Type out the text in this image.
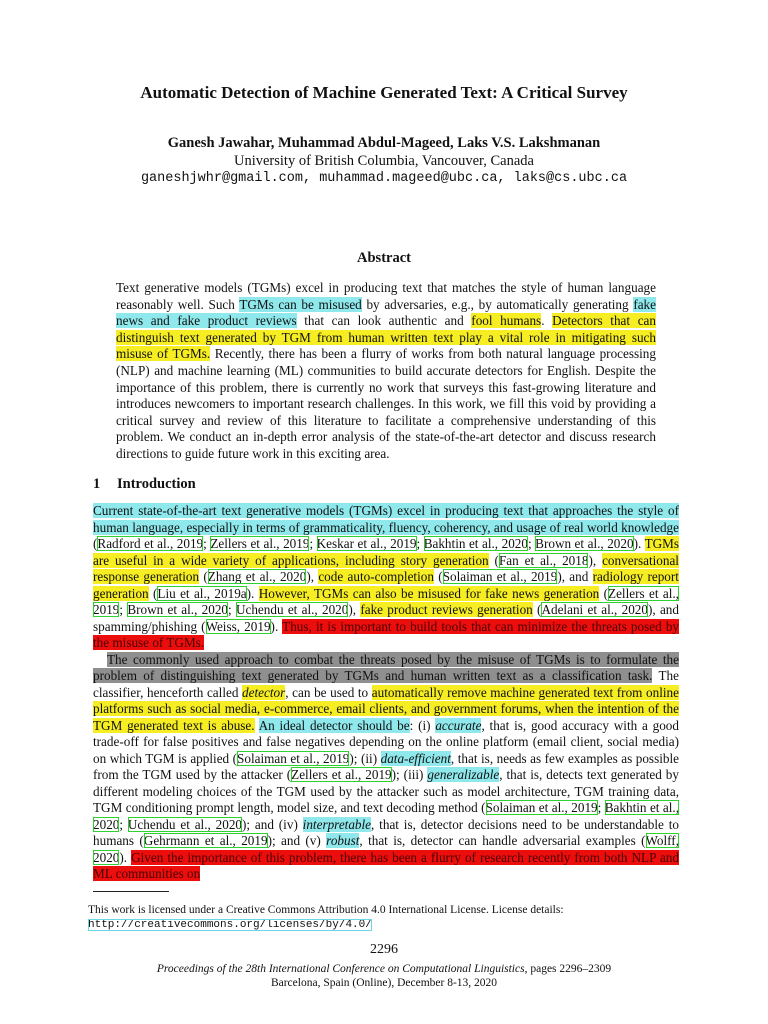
Automatic Detection of Machine Generated Text: A Critical Survey
Ganesh Jawahar, Muhammad Abdul-Mageed, Laks V.S. Lakshmanan
University of British Columbia, Vancouver, Canada
ganeshjwhr@gmail.com, muhammad.mageed@ubc.ca, laks@cs.ubc.ca
Abstract
Text generative models (TGMs) excel in producing text that matches the style of human language reasonably well. Such TGMs can be misused by adversaries, e.g., by automatically generating fake news and fake product reviews that can look authentic and fool humans. Detectors that can distinguish text generated by TGM from human written text play a vital role in mitigating such misuse of TGMs. Recently, there has been a flurry of works from both natural language processing (NLP) and machine learning (ML) communities to build accurate detectors for English. Despite the importance of this problem, there is currently no work that surveys this fast-growing literature and introduces newcomers to important research challenges. In this work, we fill this void by providing a critical survey and review of this literature to facilitate a comprehensive understanding of this problem. We conduct an in-depth error analysis of the state-of-the-art detector and discuss research directions to guide future work in this exciting area.
1 Introduction

Current state-of-the-art text generative models (TGMs) excel in producing text that approaches the style of human language, especially in terms of grammaticality, fluency, coherency, and usage of real world knowledge (Radford et al., 2019; Zellers et al., 2019; Keskar et al., 2019; Bakhtin et al., 2020; Brown et al., 2020). TGMs are useful in a wide variety of applications, including story generation (Fan et al., 2018), conversational response generation (Zhang et al., 2020), code auto-completion (Solaiman et al., 2019), and radiology report generation (Liu et al., 2019a). However, TGMs can also be misused for fake news generation (Zellers et al., 2019; Brown et al., 2020; Uchendu et al., 2020), fake product reviews generation (Adelani et al., 2020), and spamming/phishing (Weiss, 2019). Thus, it is important to build tools that can minimize the threats posed by the misuse of TGMs.

The commonly used approach to combat the threats posed by the misuse of TGMs is to formulate the problem of distinguishing text generated by TGMs and human written text as a classification task. The classifier, henceforth called detector, can be used to automatically remove machine generated text from online platforms such as social media, e-commerce, email clients, and government forums, when the intention of the TGM generated text is abuse. An ideal detector should be: (i) accurate, that is, good accuracy with a good trade-off for false positives and false negatives depending on the online platform (email client, social media) on which TGM is applied (Solaiman et al., 2019); (ii) data-efficient, that is, needs as few examples as possible from the TGM used by the attacker (Zellers et al., 2019); (iii) generalizable, that is, detects text generated by different modeling choices of the TGM used by the attacker such as model architecture, TGM training data, TGM conditioning prompt length, model size, and text decoding method (Solaiman et al., 2019; Bakhtin et al., 2020; Uchendu et al., 2020); and (iv) interpretable, that is, detector decisions need to be understandable to humans (Gehrmann et al., 2019); and (v) robust, that is, detector can handle adversarial examples (Wolff, 2020). Given the importance of this problem, there has been a flurry of research recently from both NLP and ML communities on

This work is licensed under a Creative Commons Attribution 4.0 International License. License details: http://creativecommons.org/licenses/by/4.0/
2296
Proceedings of the 28th International Conference on Computational Linguistics, pages 2296–2309
Barcelona, Spain (Online), December 8-13, 2020
